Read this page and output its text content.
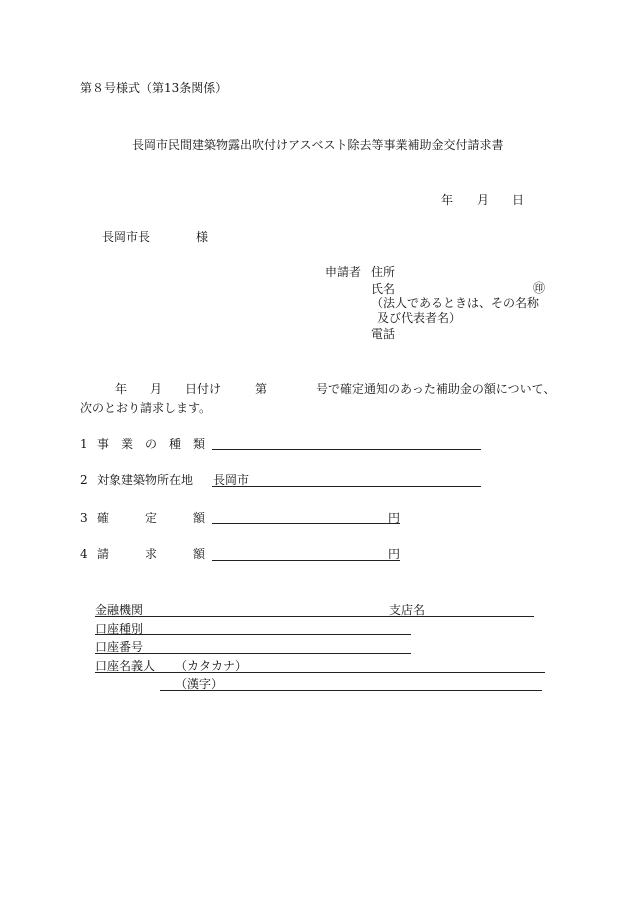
第８号様式（第13条関係）
長岡市民間建築物露出吹付けアスベスト除去等事業補助金交付請求書
年 月 日
長岡市長	様
申請者 住所
氏名	㊞
（法人であるときは、その名称
及び代表者名）
電話
年 月 日付け	第	号で確定通知のあった補助金の額について、
次のとおり請求します。
1 事　業　の　種　類
2 対象建築物所在地 長岡市
3 確　　　定　　　額	円
4 請　　　求　　　額	円
金融機関	支店名
口座種別
口座番号
口座名義人 （カタカナ）
（漢字）
